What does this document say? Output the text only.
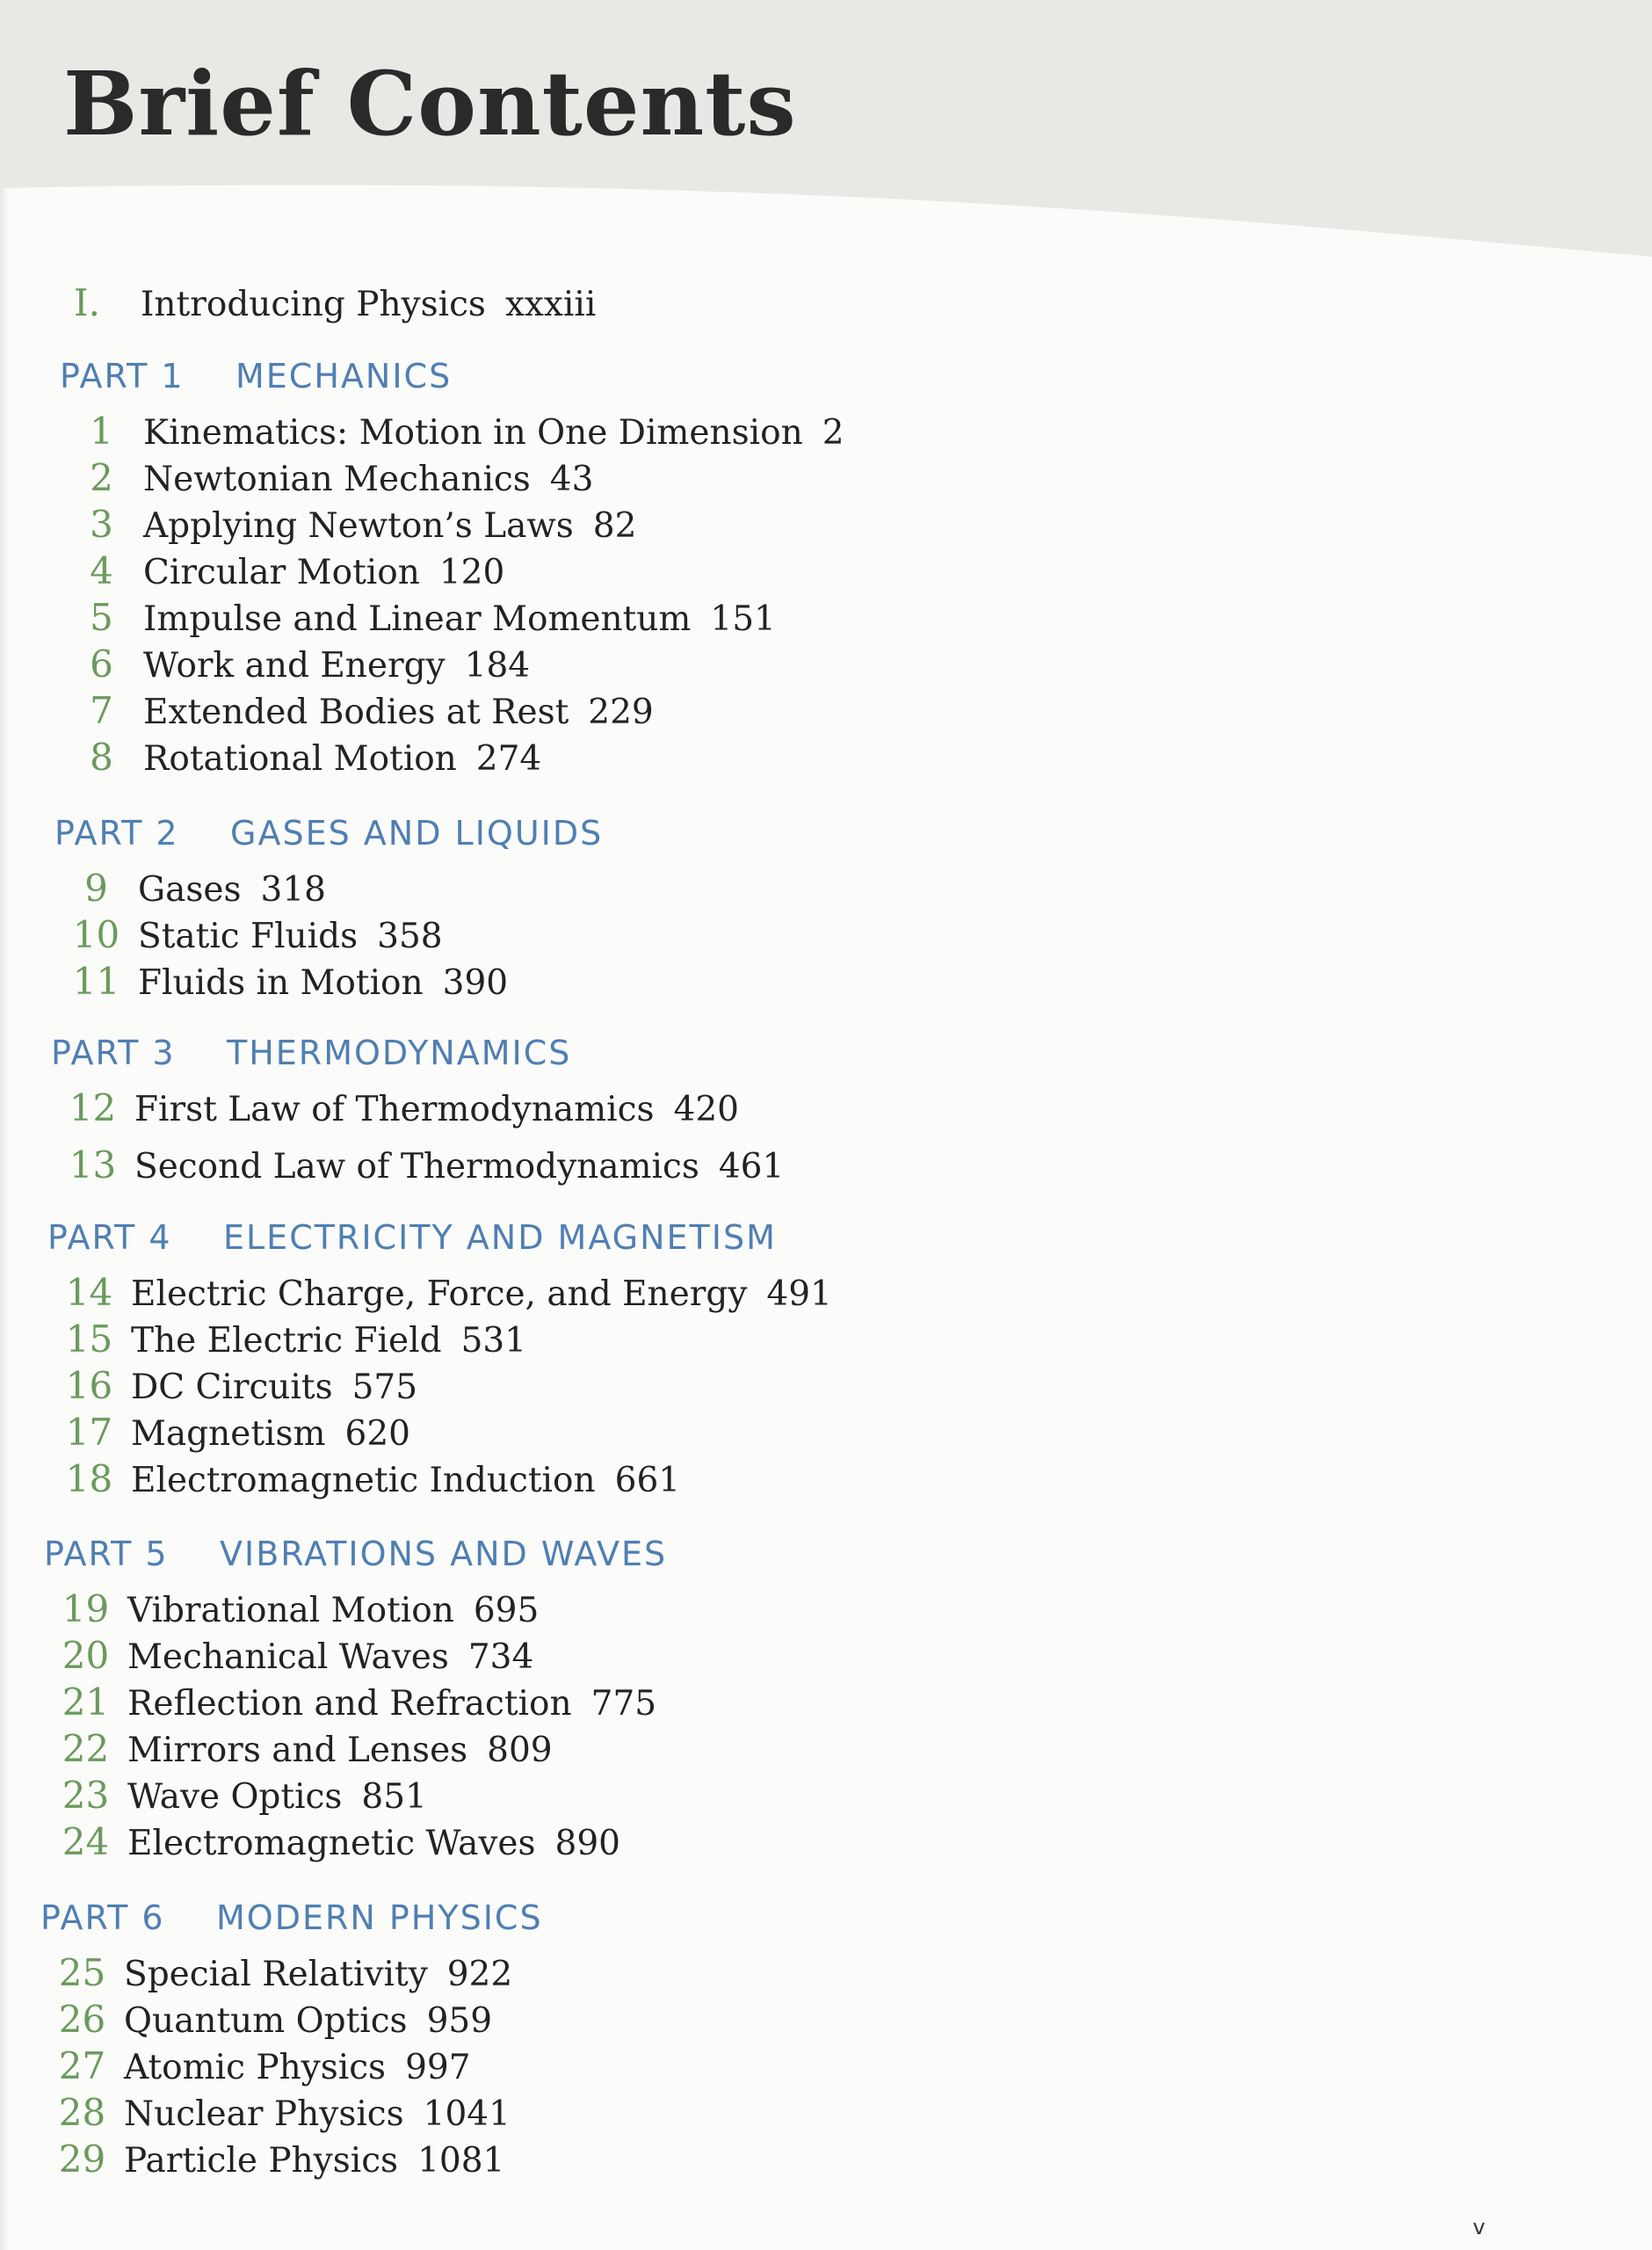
Brief Contents
I.	Introducing Physics xxxiii
PART 1	MECHANICS
1 Kinematics: Motion in One Dimension 2
2 Newtonian Mechanics 43
3 Applying Newton’s Laws 82
4 Circular Motion 120
5 Impulse and Linear Momentum 151
6 Work and Energy 184
7 Extended Bodies at Rest 229
8 Rotational Motion 274
PART 2	GASES AND LIQUIDS
9 Gases 318
10 Static Fluids 358
11 Fluids in Motion 390
PART 3	THERMODYNAMICS
12 First Law of Thermodynamics 420
13 Second Law of Thermodynamics 461
PART 4	ELECTRICITY AND MAGNETISM
14 Electric Charge, Force, and Energy 491
15 The Electric Field 531
16 DC Circuits 575
17 Magnetism 620
18 Electromagnetic Induction 661
PART 5	VIBRATIONS AND WAVES
19 Vibrational Motion 695
20 Mechanical Waves 734
21 Reflection and Refraction 775
22 Mirrors and Lenses 809
23 Wave Optics 851
24 Electromagnetic Waves 890
PART 6	MODERN PHYSICS
25 Special Relativity 922
26 Quantum Optics 959
27 Atomic Physics 997
28 Nuclear Physics 1041
29 Particle Physics 1081
v
